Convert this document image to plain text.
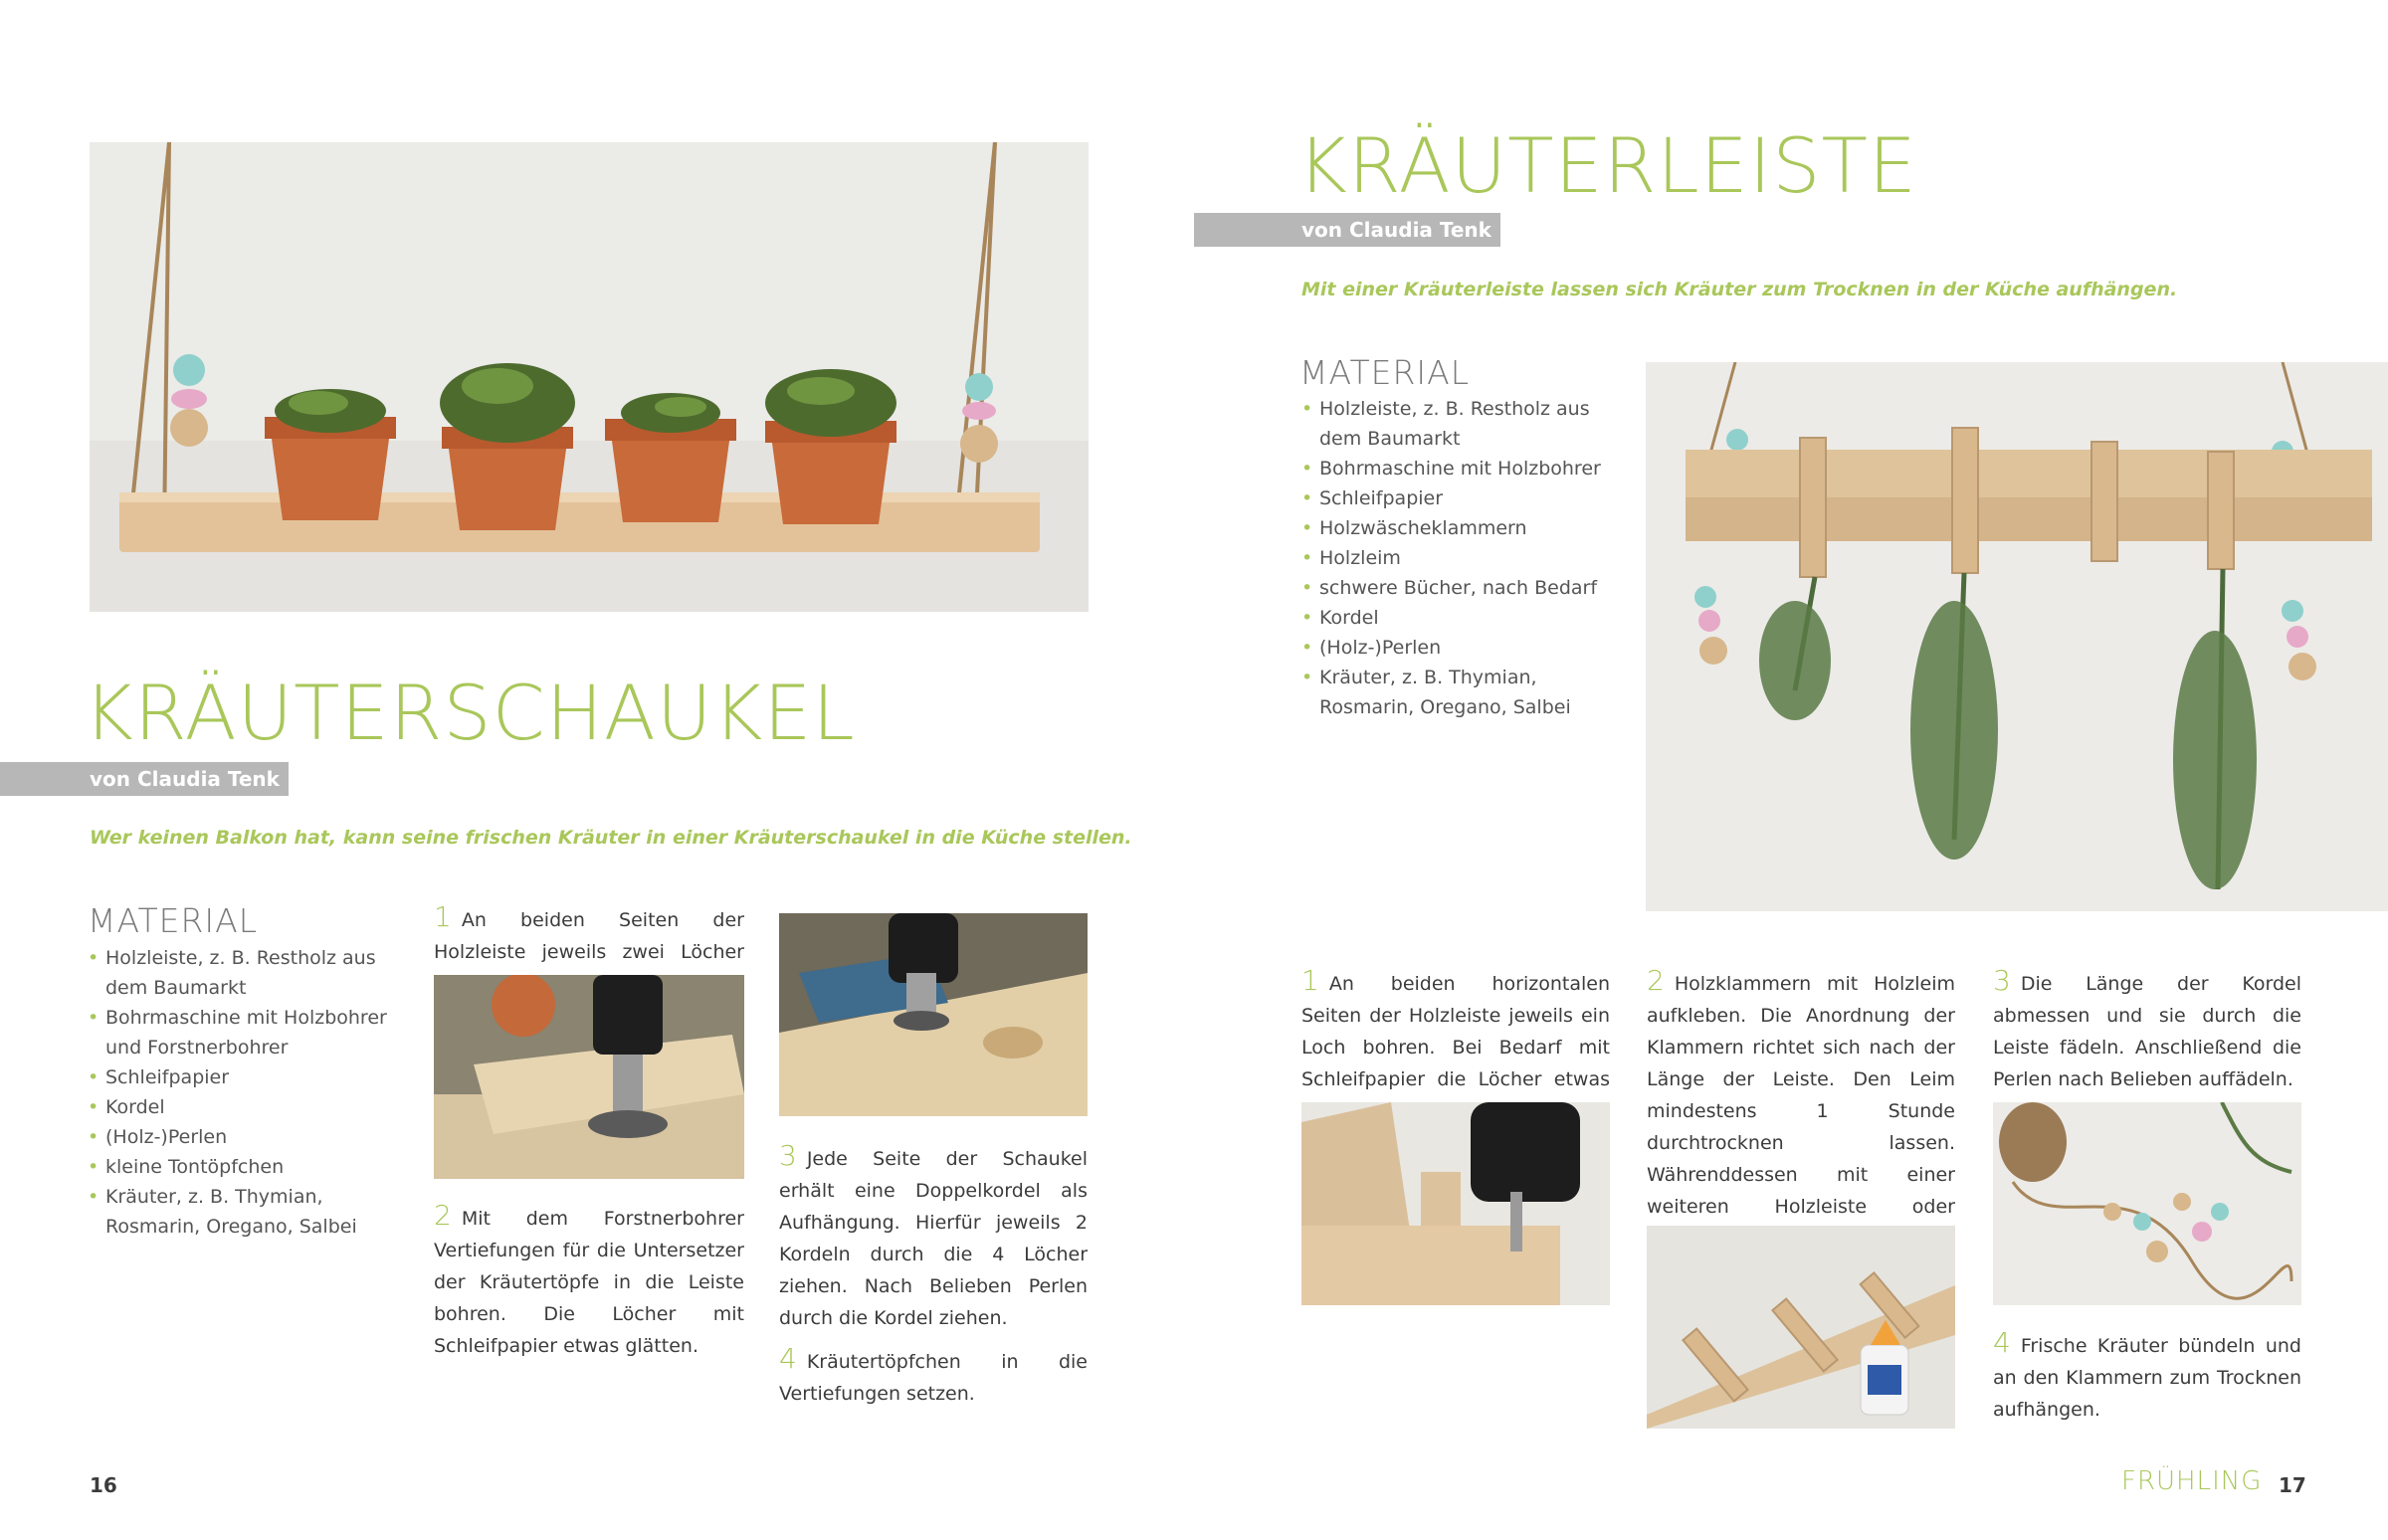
KRÄUTERSCHAUKEL
von Claudia Tenk
Wer keinen Balkon hat, kann seine frischen Kräuter in einer Kräuterschaukel in die Küche stellen.
MATERIAL
• Holzleiste, z. B. Restholz aus dem Baumarkt
• Bohrmaschine mit Holzbohrer und Forstnerbohrer
• Schleifpapier
• Kordel
• (Holz-)Perlen
• kleine Tontöpfchen
• Kräuter, z. B. Thymian, Rosmarin, Oregano, Salbei
1 An beiden Seiten der Holzleiste jeweils zwei Löcher
2 Mit dem Forstnerbohrer Vertiefungen für die Untersetzer der Kräutertöpfe in die Leiste bohren. Die Löcher mit Schleifpapier etwas glätten.
3 Jede Seite der Schaukel erhält eine Doppelkordel als Aufhängung. Hierfür jeweils 2 Kordeln durch die 4 Löcher ziehen. Nach Belieben Perlen durch die Kordel ziehen.
4 Kräutertöpfchen in die Vertiefungen setzen.
16
KRÄUTERLEISTE
von Claudia Tenk
Mit einer Kräuterleiste lassen sich Kräuter zum Trocknen in der Küche aufhängen.
MATERIAL
• Holzleiste, z. B. Restholz aus dem Baumarkt
• Bohrmaschine mit Holzbohrer
• Schleifpapier
• Holzwäscheklammern
• Holzleim
• schwere Bücher, nach Bedarf
• Kordel
• (Holz-)Perlen
• Kräuter, z. B. Thymian, Rosmarin, Oregano, Salbei
1 An beiden horizontalen Seiten der Holzleiste jeweils ein Loch bohren. Bei Bedarf mit Schleifpapier die Löcher etwas
2 Holzklammern mit Holzleim aufkleben. Die Anordnung der Klammern richtet sich nach der Länge der Leiste. Den Leim mindestens 1 Stunde durchtrocknen lassen. Währenddessen mit einer weiteren Holzleiste oder
3 Die Länge der Kordel abmessen und sie durch die Leiste fädeln. Anschließend die Perlen nach Belieben auffädeln.
4 Frische Kräuter bündeln und an den Klammern zum Trocknen aufhängen.
FRÜHLING 17
